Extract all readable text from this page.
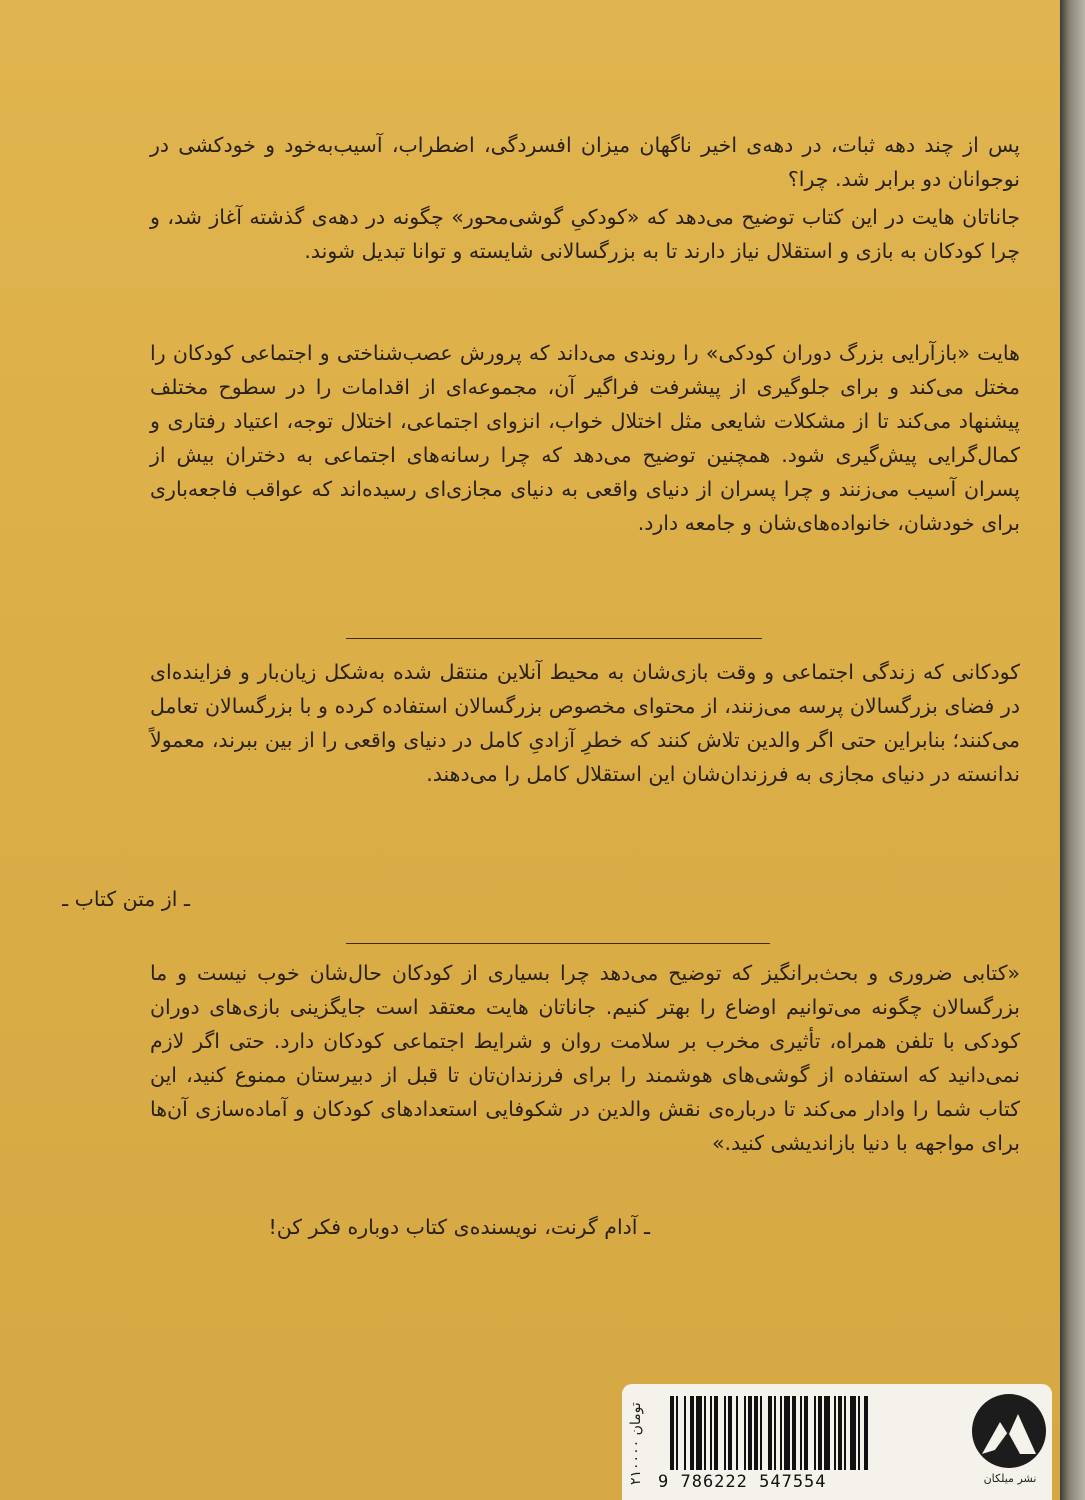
پس از چند دهه ثبات، در دهه‌ی اخیر ناگهان میزان افسردگی، اضطراب، آسیب‌به‌خود و خودکشی در نوجوانان دو برابر شد. چرا؟
جاناتان هایت در این کتاب توضیح می‌دهد که «کودکیِ گوشی‌محور» چگونه در دهه‌ی گذشته آغاز شد، و چرا کودکان به بازی و استقلال نیاز دارند تا به بزرگسالانی شایسته و توانا تبدیل شوند.
هایت «بازآرایی بزرگ دوران کودکی» را روندی می‌داند که پرورش عصب‌شناختی و اجتماعی کودکان را مختل می‌کند و برای جلوگیری از پیشرفت فراگیر آن، مجموعه‌ای از اقدامات را در سطوح مختلف پیشنهاد می‌کند تا از مشکلات شایعی مثل اختلال خواب، انزوای اجتماعی، اختلال توجه، اعتیاد رفتاری و کمال‌گرایی پیش‌گیری شود. همچنین توضیح می‌دهد که چرا رسانه‌های اجتماعی به دختران بیش از پسران آسیب می‌زنند و چرا پسران از دنیای واقعی به دنیای مجازی‌ای رسیده‌اند که عواقب فاجعه‌باری برای خودشان، خانواده‌های‌شان و جامعه دارد.
کودکانی که زندگی اجتماعی و وقت بازی‌شان به محیط آنلاین منتقل شده به‌شکل زیان‌بار و فزاینده‌ای در فضای بزرگسالان پرسه می‌زنند، از محتوای مخصوص بزرگسالان استفاده کرده و با بزرگسالان تعامل می‌کنند؛ بنابراین حتی اگر والدین تلاش کنند که خطرِ آزادیِ کامل در دنیای واقعی را از بین ببرند، معمولاً ندانسته در دنیای مجازی به فرزندان‌شان این استقلال کامل را می‌دهند.
ـ از متن کتاب ـ
«کتابی ضروری و بحث‌برانگیز که توضیح می‌دهد چرا بسیاری از کودکان حال‌شان خوب نیست و ما بزرگسالان چگونه می‌توانیم اوضاع را بهتر کنیم. جاناتان هایت معتقد است جایگزینی بازی‌های دوران کودکی با تلفن همراه، تأثیری مخرب بر سلامت روان و شرایط اجتماعی کودکان دارد. حتی اگر لازم نمی‌دانید که استفاده از گوشی‌های هوشمند را برای فرزندان‌تان تا قبل از دبیرستان ممنوع کنید، این کتاب شما را وادار می‌کند تا درباره‌ی نقش والدین در شکوفایی استعدادهای کودکان و آماده‌سازی آن‌ها برای مواجهه با دنیا بازاندیشی کنید.»
ـ آدام گرنت، نویسنده‌ی کتاب دوباره فکر کن!
۲۱۰۰۰۰ تومان
9 786222 547554	نشر میلکان
